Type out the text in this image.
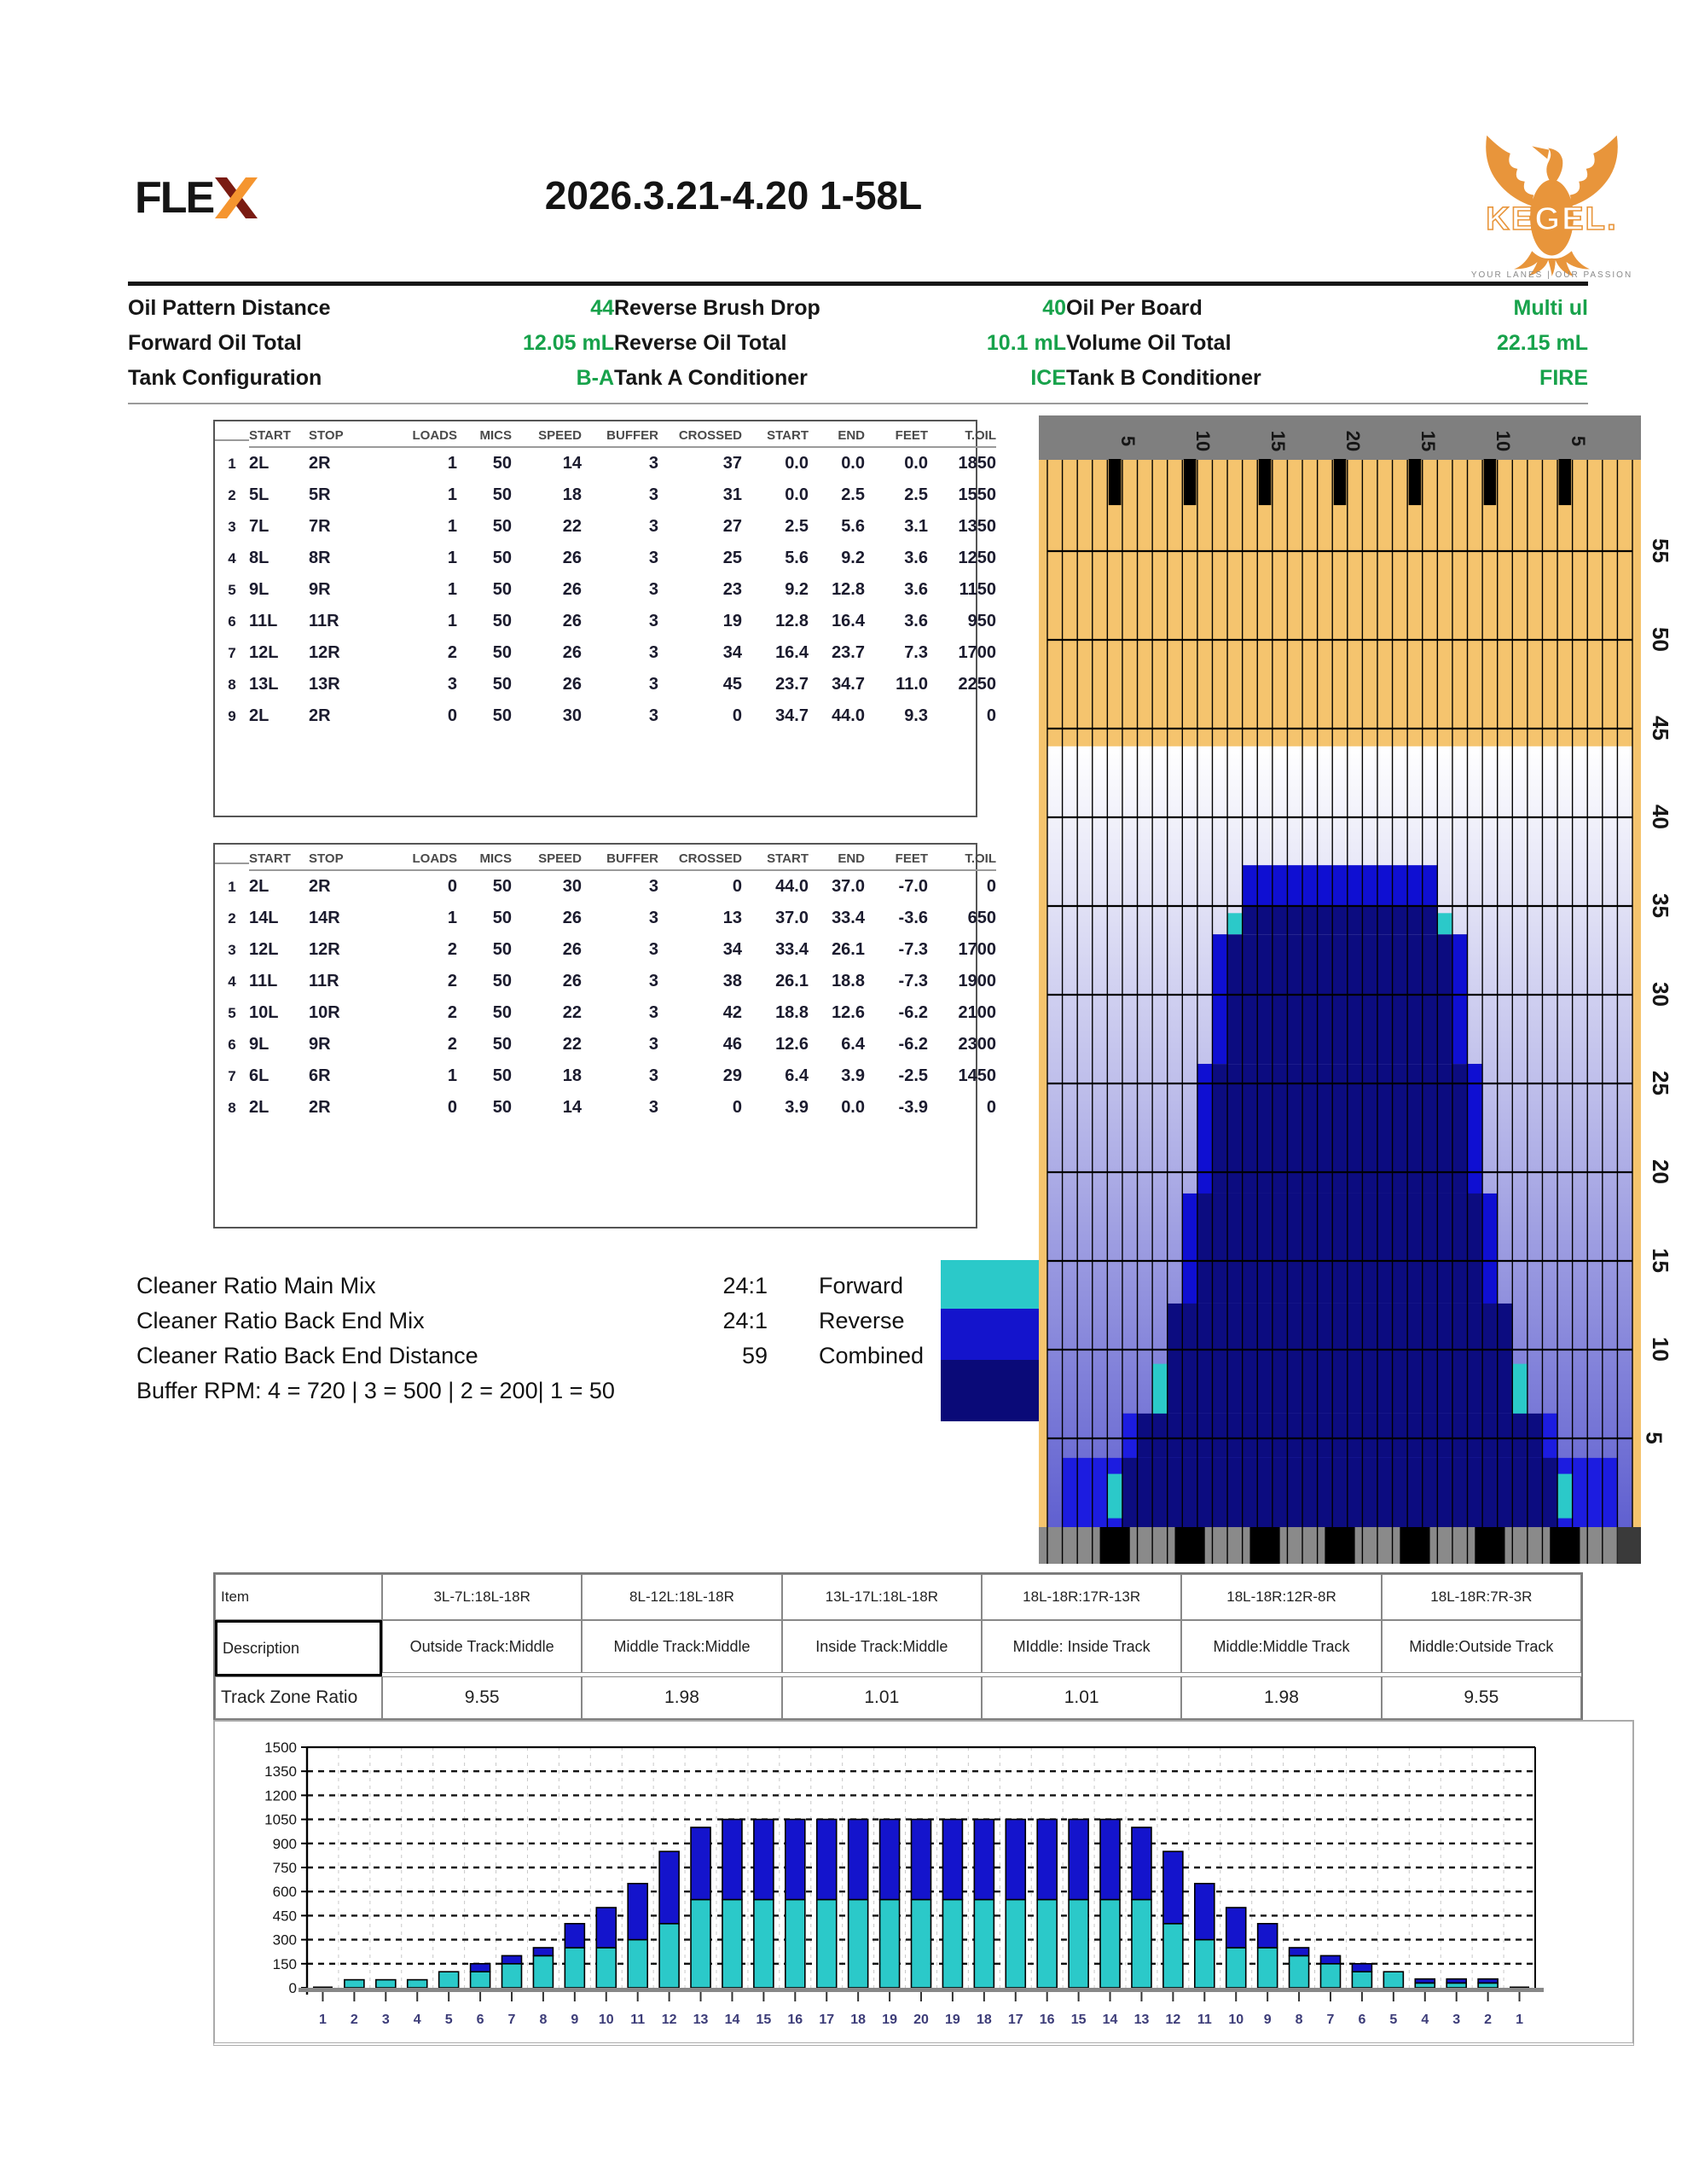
FLE	2026.3.21-4.20 1-58L
KEGEL.
YOUR LANES | OUR PASSION
Oil Pattern Distance	44 Reverse Brush Drop	40 Oil Per Board	Multi ul
Forward Oil Total	12.05 mL Reverse Oil Total	10.1 mL Volume Oil Total	22.15 mL
Tank Configuration	B-A Tank A Conditioner	ICE Tank B Conditioner	FIRE
START	STOP	LOADS	MICS	SPEED	BUFFER	CROSSED	START	END	FEET	T.OIL
1 2L	2R	1	50	14	3	37	0.0	0.0	0.0	1850
2 5L	5R	1	50	18	3	31	0.0	2.5	2.5	1550
3 7L	7R	1	50	22	3	27	2.5	5.6	3.1	1350
4 8L	8R	1	50	26	3	25	5.6	9.2	3.6	1250
5 9L	9R	1	50	26	3	23	9.2	12.8	3.6	1150
6 11L	11R	1	50	26	3	19	12.8	16.4	3.6	950
7 12L	12R	2	50	26	3	34	16.4	23.7	7.3	1700
8 13L	13R	3	50	26	3	45	23.7	34.7	11.0	2250
9 2L	2R	0	50	30	3	0	34.7	44.0	9.3	0
START	STOP	LOADS	MICS	SPEED	BUFFER	CROSSED	START	END	FEET	T.OIL
1 2L	2R	0	50	30	3	0	44.0	37.0	-7.0	0
2 14L	14R	1	50	26	3	13	37.0	33.4	-3.6	650
3 12L	12R	2	50	26	3	34	33.4	26.1	-7.3	1700
4 11L	11R	2	50	26	3	38	26.1	18.8	-7.3	1900
5 10L	10R	2	50	22	3	42	18.8	12.6	-6.2	2100
6 9L	9R	2	50	22	3	46	12.6	6.4	-6.2	2300
7 6L	6R	1	50	18	3	29	6.4	3.9	-2.5	1450
8 2L	2R	0	50	14	3	0	3.9	0.0	-3.9	0
Cleaner Ratio Main Mix	24:1 Forward
Cleaner Ratio Back End Mix	24:1 Reverse
Cleaner Ratio Back End Distance	59 Combined
Buffer RPM: 4 = 720 | 3 = 500 | 2 = 200| 1 = 50
5	10	15	20	15	10	5
55
50
45
40
35
30
25
20
15
10
5
Item	3L-7L:18L-18R	8L-12L:18L-18R	13L-17L:18L-18R	18L-18R:17R-13R	18L-18R:12R-8R	18L-18R:7R-3R
Description	Outside Track:Middle	Middle Track:Middle	Inside Track:Middle	MIddle: Inside Track	Middle:Middle Track	Middle:Outside Track
Track Zone Ratio	9.55	1.98	1.01	1.01	1.98	9.55
0
150
300
450
600
750
900
1050
1200
1350
1500
1 2 3 4 5 6 7 8 9 10 11 12 13 14 15 16 17 18 19 20 19 18 17 16 15 14 13 12 11 10 9 8 7 6 5 4 3 2 1
